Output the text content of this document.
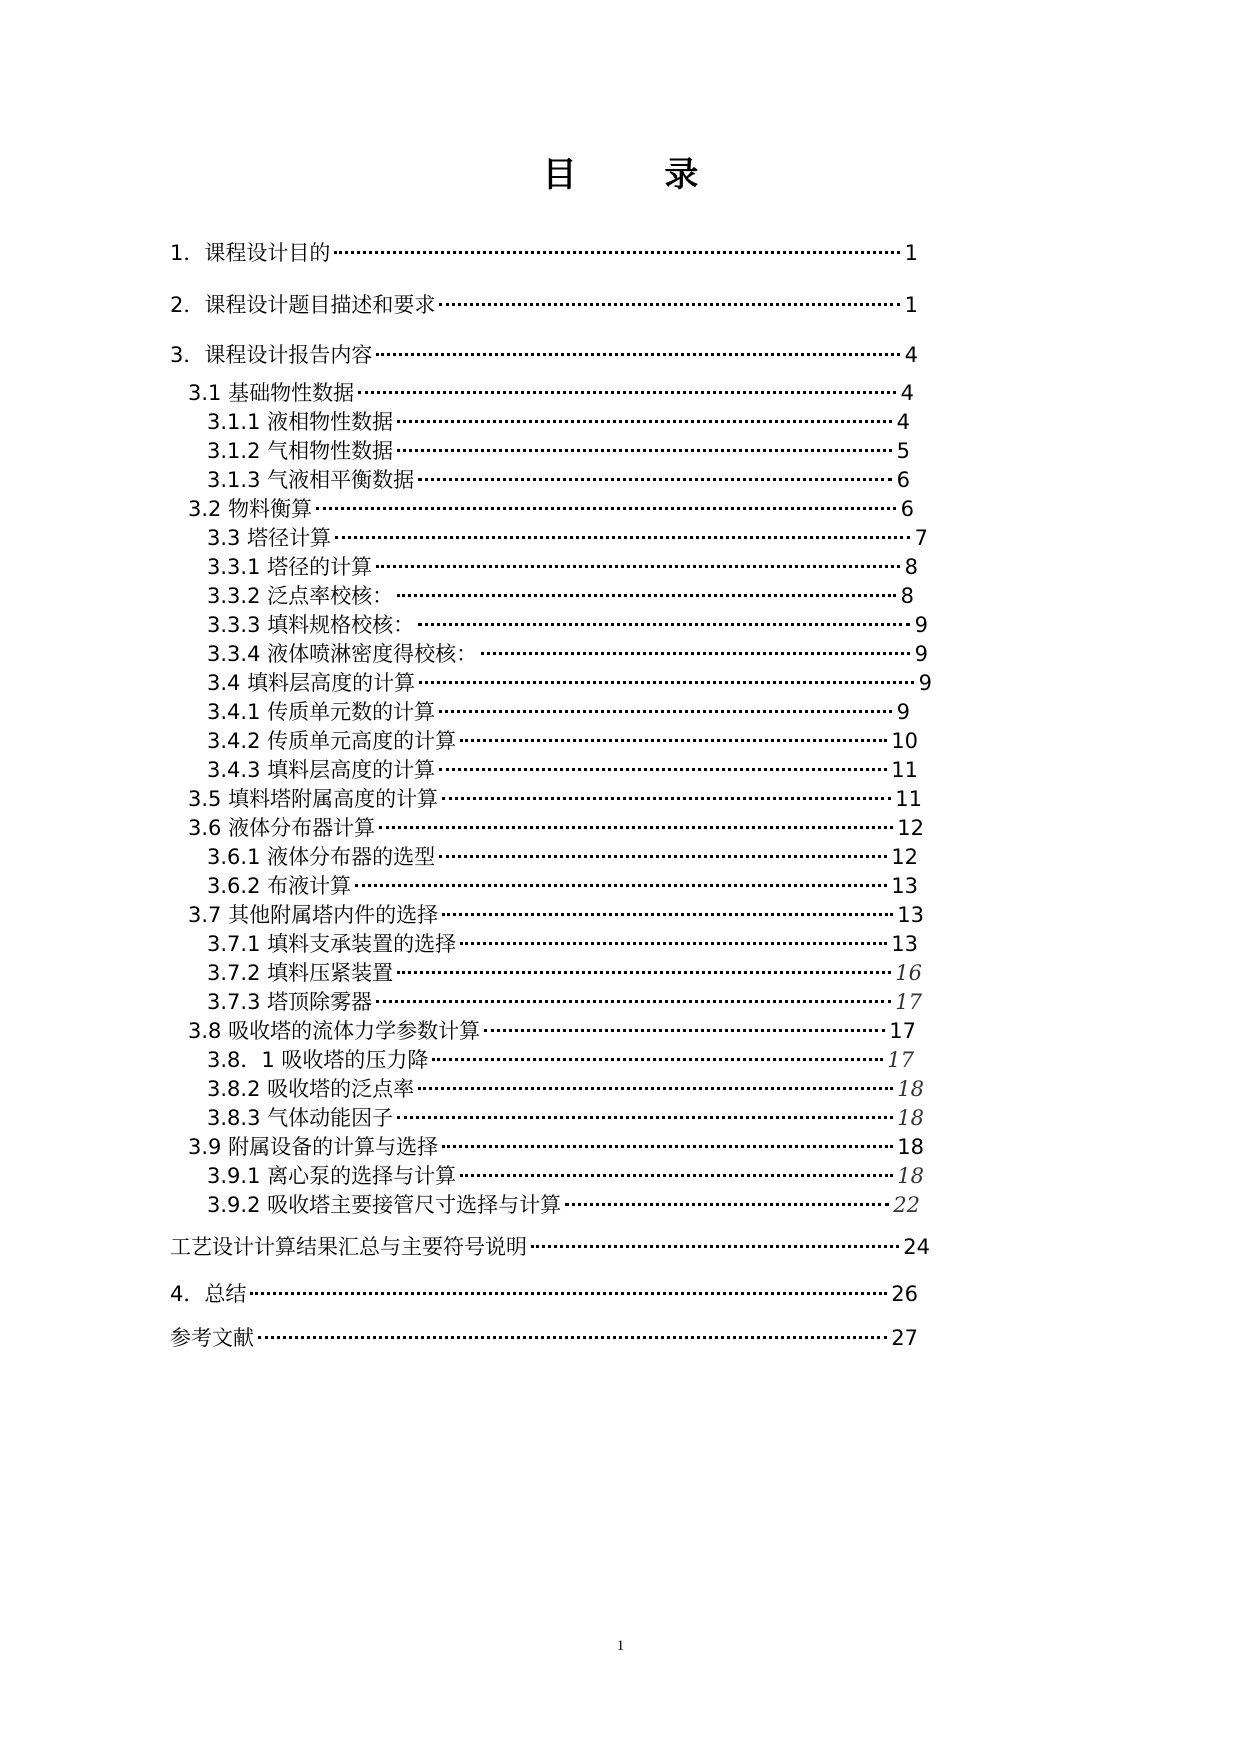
目 录
1．课程设计目的	1
2．课程设计题目描述和要求	1
3．课程设计报告内容	4
3.1 基础物性数据	4
3.1.1 液相物性数据	4
3.1.2 气相物性数据	5
3.1.3 气液相平衡数据	6
3.2 物料衡算	6
3.3 塔径计算	7
3.3.1 塔径的计算	8
3.3.2 泛点率校核：	8
3.3.3 填料规格校核：	9
3.3.4 液体喷淋密度得校核：	9
3.4 填料层高度的计算	9
3.4.1 传质单元数的计算	9
3.4.2 传质单元高度的计算	10
3.4.3 填料层高度的计算	11
3.5 填料塔附属高度的计算	11
3.6 液体分布器计算	12
3.6.1 液体分布器的选型	12
3.6.2 布液计算	13
3.7 其他附属塔内件的选择	13
3.7.1 填料支承装置的选择	13
3.7.2 填料压紧装置	16
3.7.3 塔顶除雾器	17
3.8 吸收塔的流体力学参数计算	17
3.8．1 吸收塔的压力降	17
3.8.2 吸收塔的泛点率	18
3.8.3 气体动能因子	18
3.9 附属设备的计算与选择	18
3.9.1 离心泵的选择与计算	18
3.9.2 吸收塔主要接管尺寸选择与计算	22
工艺设计计算结果汇总与主要符号说明	24
4．总结	26
参考文献	27
1
